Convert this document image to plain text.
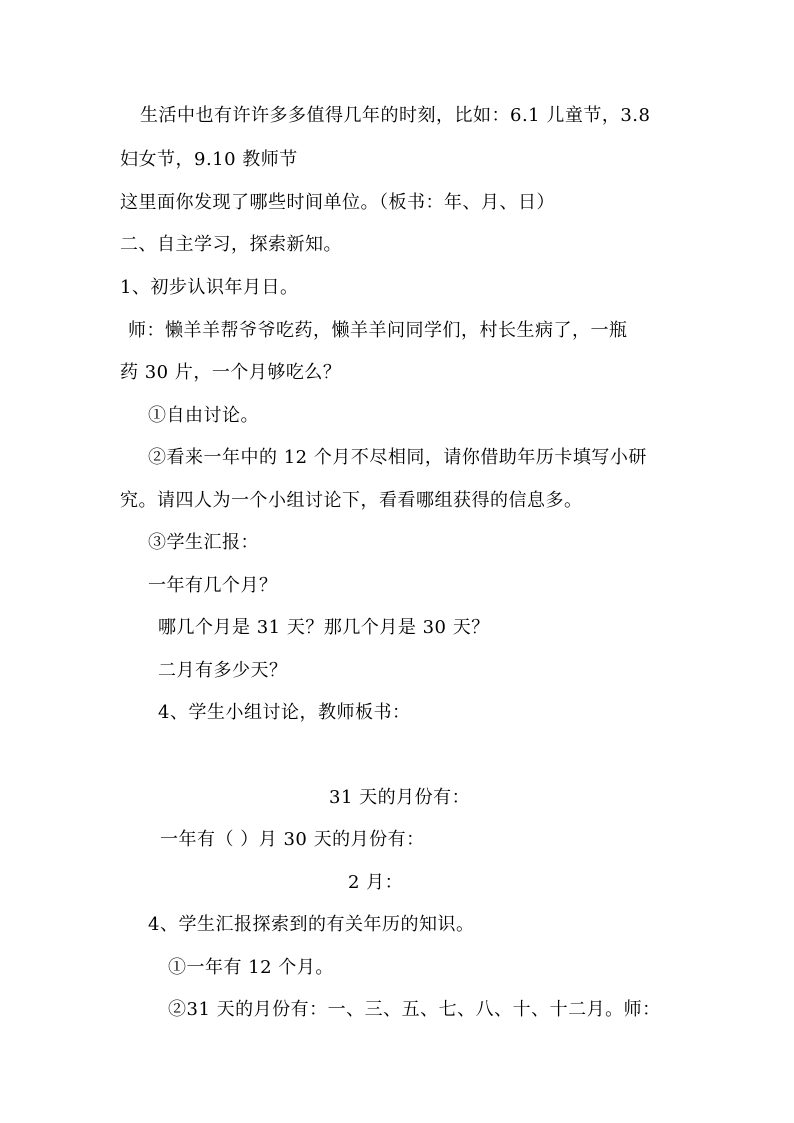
生活中也有许许多多值得几年的时刻，比如：6.1 儿童节，3.8
妇女节，9.10 教师节
这里面你发现了哪些时间单位。（板书：年、月、日）
二、自主学习，探索新知。
1、初步认识年月日。
师：懒羊羊帮爷爷吃药，懒羊羊问同学们，村长生病了，一瓶
药 30 片，一个月够吃么？
①自由讨论。
②看来一年中的 12 个月不尽相同，请你借助年历卡填写小研
究。请四人为一个小组讨论下，看看哪组获得的信息多。
③学生汇报：
一年有几个月？
哪几个月是 31 天？那几个月是 30 天？
二月有多少天？
4、学生小组讨论，教师板书：
31 天的月份有：
一年有（ ）月 30 天的月份有：
2 月：
4、学生汇报探索到的有关年历的知识。
①一年有 12 个月。
②31 天的月份有：一、三、五、七、八、十、十二月。师：
